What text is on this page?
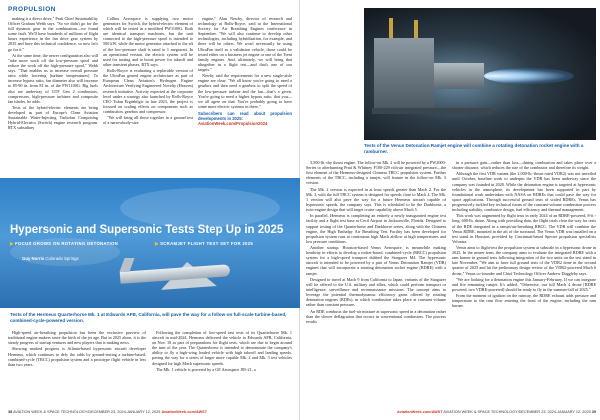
PROPULSION

making it a direct drive," Pratt Chief Sustainability Officer Graham Webb says. "So we didn't go for the full dynamic gear in the combination—we found some fault. We'll have hundreds of millions of flight hours experience in the fan drive gear system by 2035 and have this technical confidence, so now let's go for it."

At the same time, the newer configuration also will "take more work off the low-pressure spool and reduce the work off the high-pressure spool," Webb says. "That enables us to increase overall pressure ratio while lowering [turbine temperatures]. To increase bypass ratio, fan diameter also will increase to 85-90 in. from 81 in. of the PW1100G. Big fuels also are underway of GTF Gen 2 combustors, compressors, high-pressure turbines and composite fan blades, he adds.

Tests of the hybrid-electric elements are being developed as part of Europe's Clean Aviation Sustainable Water-Injecting Turbofan Comprising Hybrid-Electrics (Switch) engine research program. RTX subsidiary

Collins Aerospace is supplying two motor generators for Switch, the hybrid-electric element of which will be tested in a modified PW1100G. Both are identical transport machines, but the unit connected to the high-pressure spool is intended to 500 kW, while the motor generator attached to the aft of the low-pressure shaft is rated to 1 megawatt. In an operational version, the electric system will be used for taxiing and to boost power for takeoff and other transient phases, RTX says.

Rolls-Royce is evaluating a replacable version of the UltraFan geared engine architecture as part of European Clean Aviation's Hydrogen Engine Architecture Verifying Engineered Novelty (Heaven) research initiative. Activity expected at the corporate level under a strategy also launched by Rolls-Royce CEO Tufan Erginbilgic in late 2023, the project is focused on scaling effects on components such as combustion, gearbox and compressor.

"We will bring all those together in a ground test of a narrowbody-size

engine," Alan Newby, director of research and technology at Rolls-Royce, said at the International Society for Air Breathing Engines conference in September. "We will also continue to develop other technologies, including hybridization, for example, and there will be others. We won't necessarily be using UltraFan itself as a validation vehicle, those could be tested either on a business jet engine or one of the Trent family engines. And, ultimately, we will bring that altogether in a flight test—and that's one of our targets."

Newby said the requirements for a new single-aisle engine are clear: "We all know you're going to need a gearbox and then need a gearbox to split the speed of the low-pressure turbine and the fan—that's a given. You're going to need a higher bypass ratio, that you—we all agree on that. You're probably going to have some more electric systems in there."

Subscribers can read about propulsion developments in 2025:
AviationWeek.com/Propulsion2024
Hypersonic and Supersonic Tests Step Up in 2025
▶ FOCUS GROWS ON ROTATING DETONATION	▶ SCRAMJET FLIGHT TEST SET FOR 2025
Guy Norris Colorado Springs
Tests of the Hermeus Quarterhorse Mk. 1 at Edwards AFB, California, will pave the way for a follow-on full-scale turbine-based, combined-cycle-powered version.

High-speed air-breathing propulsion has been the exclusive purview of traditional engine makers since the birth of the jet age. But in 2025 alone, it is the steady progress of startup ventures and new players that is making news.

Showing marked progress is Atlanta-based hypersonic aircraft developer Hermeus, which continues to defy the odds by ground-testing a turbine-based, combined-cycle (TBCC) propulsion system and a prototype flight vehicle in less than two years.

Following the completion of low-speed taxi tests of its Quarterhorse Mk. 1 aircraft in mid-2024, Hermeus delivered the vehicle to Edwards AFB, California, on Nov. 18 as part of preparations for flight tests, which are due to begin around the turn of the year. The Quarterhorse is intended to demonstrate the company's ability to fly a high-wing loaded vehicle with high takeoff and landing speeds, paving the way for a series of larger more capable Mk. 2 and Mk. 3 test vehicles designed for high Mach supersonic speeds.

The Mk. 1 vehicle is powered by a GE Aerospace J85-21, a

38 AVIATION WEEK & SPACE TECHNOLOGY/DECEMBER 23, 2024-JANUARY 12, 2025 AviationWeek.com/AWST
Tests of the Venus Detonation Ramjet engine will combine a rotating detonation rocket engine with a ramburner.

3,500-lb.-dry thrust engine. The follow-on Mk. 2 will be powered by a PW2000-Series to afterburning Pratt & Whitney F100-229 rich-air integrated pressure—the first element of the Hermeus-designed Chimera TBCC propulsion system. Further elements of the TBCC, including a ramjet, will feature in the follow-on Mk. 3 version.

The Mk. 2 version is expected in at least speeds greater than Mach 2. For the Mk. 3, with the full TBCC system is designed for speeds close to Mach 4. The Mk. 1 version will also pave the way for a future Hermeus aircraft capable of hypersonic speeds, the company says. This is scheduled to be the Darkhorse, a twin-engine design that will target cruise capability above Mach 5.

In parallel, Hermeus is completing an entirely a newly inaugurated engine test facility and a flight test base at Cecil Airport in Jacksonville, Florida. Designed to support testing of the Quarterhorse and Darkhorse series, along with the Chimera engine, the High Enthalpy Air Breathing Test Facility has been developed for propulsion system runs at continuous high Mach airflow at high temperatures and low pressure conditions.

Another startup, Houston-based Venus Aerospace, is meanwhile making headway in efforts to develop a rocket-based, combined-cycle (RBCC) propulsion system for a high-speed transport dubbed the Stargazer M4. The hypersonic aircraft is intended to be powered by a pair of Venus Detonation Ramjet (VDR) engines that will incorporate a rotating detonation rocket engine (RDRE) with a ramjet.

Designed to travel at Mach 9 from California to Japan, variants of the Stargazer will be offered to the U.S. military and allies, which could perform transport or intelligence, surveillance and reconnaissance missions. The concept aims to leverage the potential thermodynamic efficiency gains offered by rotating detonation engines (RDEs), in which combustion takes place at constant volume rather than constant pressure.

An RDE combusts the fuel-air mixture at supersonic speed in a detonation rather than the slower deflagration that occurs in conventional combustors. The process results

in a pressure gain—rather than loss—during combustion and takes place over a shorter distance, which reduces the size of the combustor and therefore its weight.

Although the first VDR variant (the 2,000-lb.-thrust rated VDR2) was not unveiled until October, baseline work to underpin the VDR has been underway since the company was founded in 2020. While the detonation engine is targeted at hypersonic vehicles in the atmosphere, its development has been supported in part by foundational work undertaken with NASA on RDREs that could pave the way for space applications. Through successful ground tests of scaled RDREs, Venus has progressively tackled key technical issues of the constant-volume combustion process including stability, combustor design, fuel efficiency and thermal management.

This work was augmented by flight tests in early 2024 of an RDRE-powered, 8-ft.-long, 600-lb. drone. Along with providing data, the flight trials clear the way for tests of the RDE integrated in a ramjet/air-breathing RBCC. The VDR will combine the Venus RDRE, mounted in the aft of the surround. The Venus VDR was installed on a test stand in Houston, provided by Cincinnati-based Spectre propulsion specialists Velontra.

Venus aims to flight-test the propulsion system at subscale in a hypersonic drone in 2025. In the nearer term, the company aims to evaluate the integrated RDRE with a ram burner in ground tests following integration of the two units on the test stand in late November. "We aim to have full ground tests of the VDR2 done in the second quarter of 2025 and hit the preliminary design review of the VDR2-powered Mach 6 drone," Venus co-founder and Chief Technology Officer Andrew Duggleby says.

"We are looking for a detonation engine this January-February. If we can integrate and fire remaining ramjet. It's added. "Otherwise, our full Mach 4 drone [RDRE powered, two VDRE-powered] should be ready to fly in the summer-fall of 2025."

From the moment of ignition on the runway, the RDRE exhaust adds pressure and temperature to the ram flow entering the front of the engine, including the ram burner.

AviationWeek.com/AWST AVIATION WEEK & SPACE TECHNOLOGY/DECEMBER 23, 2024-JANUARY 12, 2025 39
